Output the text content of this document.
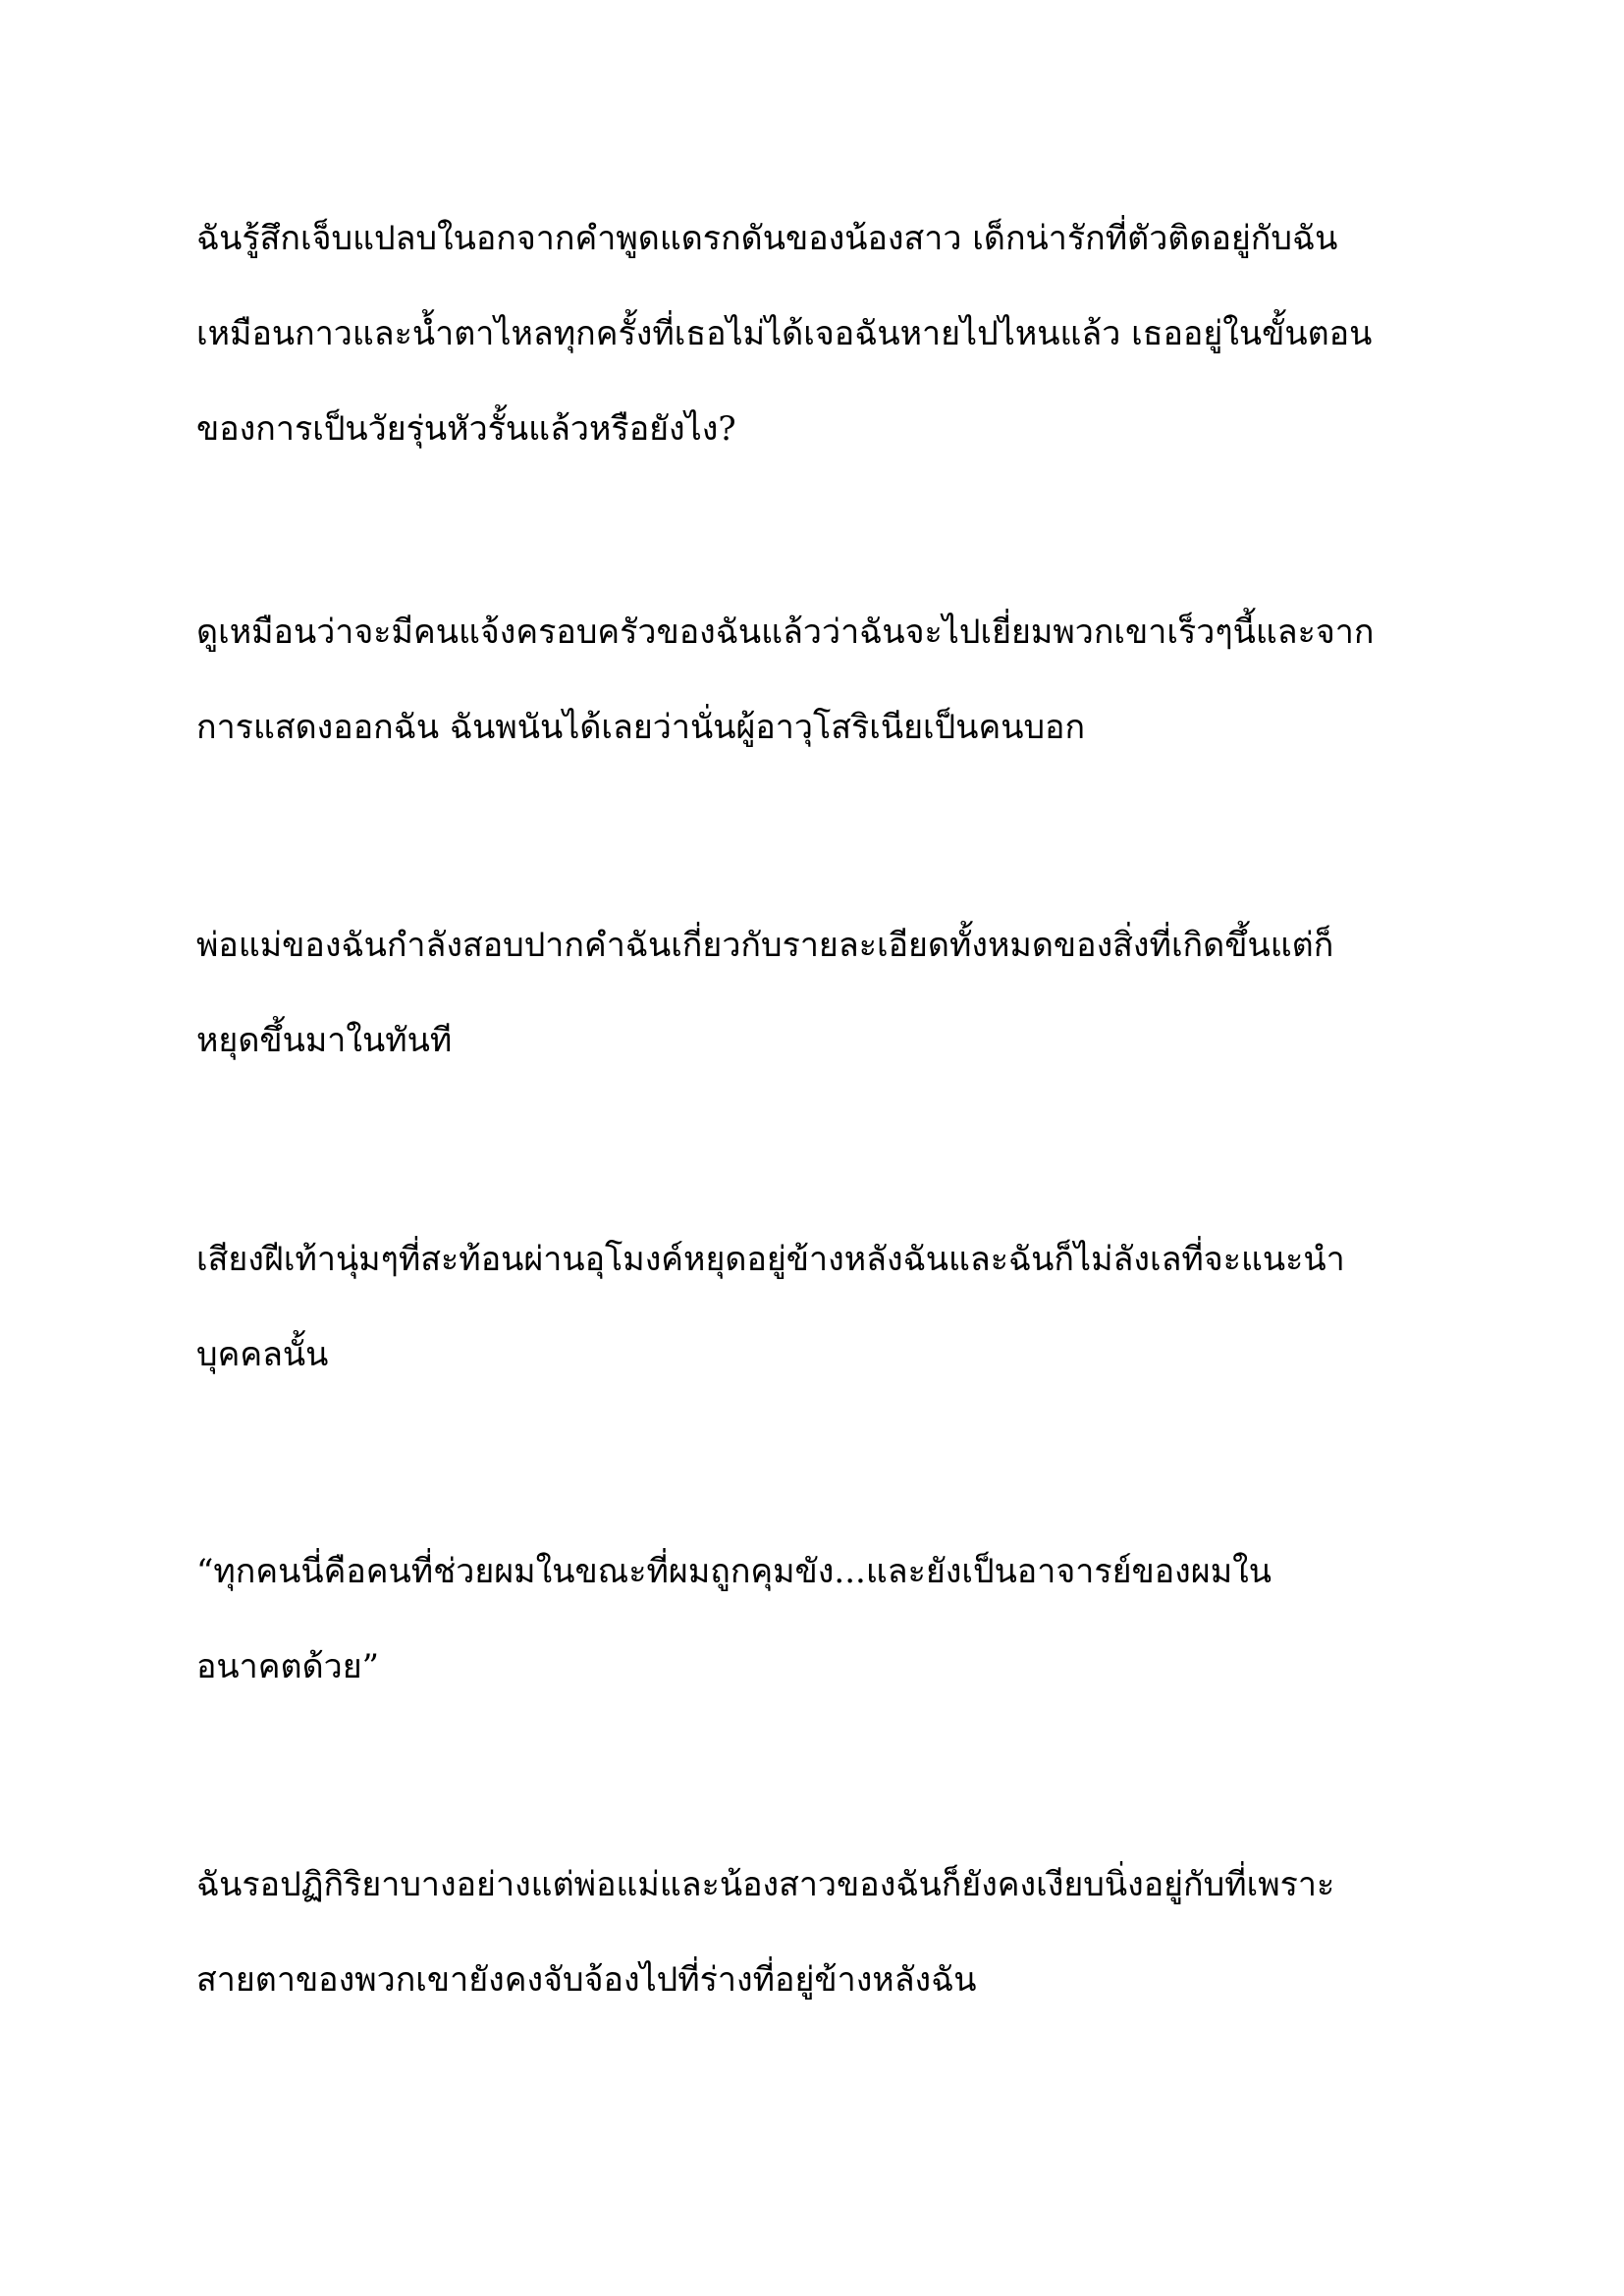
ฉันรู้สึกเจ็บแปลบในอกจากคำพูดแดรกดันของน้องสาว เด็กน่ารักที่ตัวติดอยู่กับฉัน
เหมือนกาวและน้ำตาไหลทุกครั้งที่เธอไม่ได้เจอฉันหายไปไหนแล้ว เธออยู่ในขั้นตอน
ของการเป็นวัยรุ่นหัวรั้นแล้วหรือยังไง?

ดูเหมือนว่าจะมีคนแจ้งครอบครัวของฉันแล้วว่าฉันจะไปเยี่ยมพวกเขาเร็วๆนี้และจาก
การแสดงออกฉัน ฉันพนันได้เลยว่านั่นผู้อาวุโสริเนียเป็นคนบอก

พ่อแม่ของฉันกำลังสอบปากคำฉันเกี่ยวกับรายละเอียดทั้งหมดของสิ่งที่เกิดขึ้นแต่ก็
หยุดขึ้นมาในทันที

เสียงฝีเท้านุ่มๆที่สะท้อนผ่านอุโมงค์หยุดอยู่ข้างหลังฉันและฉันก็ไม่ลังเลที่จะแนะนำ
บุคคลนั้น

“ทุกคนนี่คือคนที่ช่วยผมในขณะที่ผมถูกคุมขัง...และยังเป็นอาจารย์ของผมใน
อนาคตด้วย”

ฉันรอปฏิกิริยาบางอย่างแต่พ่อแม่และน้องสาวของฉันก็ยังคงเงียบนิ่งอยู่กับที่เพราะ
สายตาของพวกเขายังคงจับจ้องไปที่ร่างที่อยู่ข้างหลังฉัน
